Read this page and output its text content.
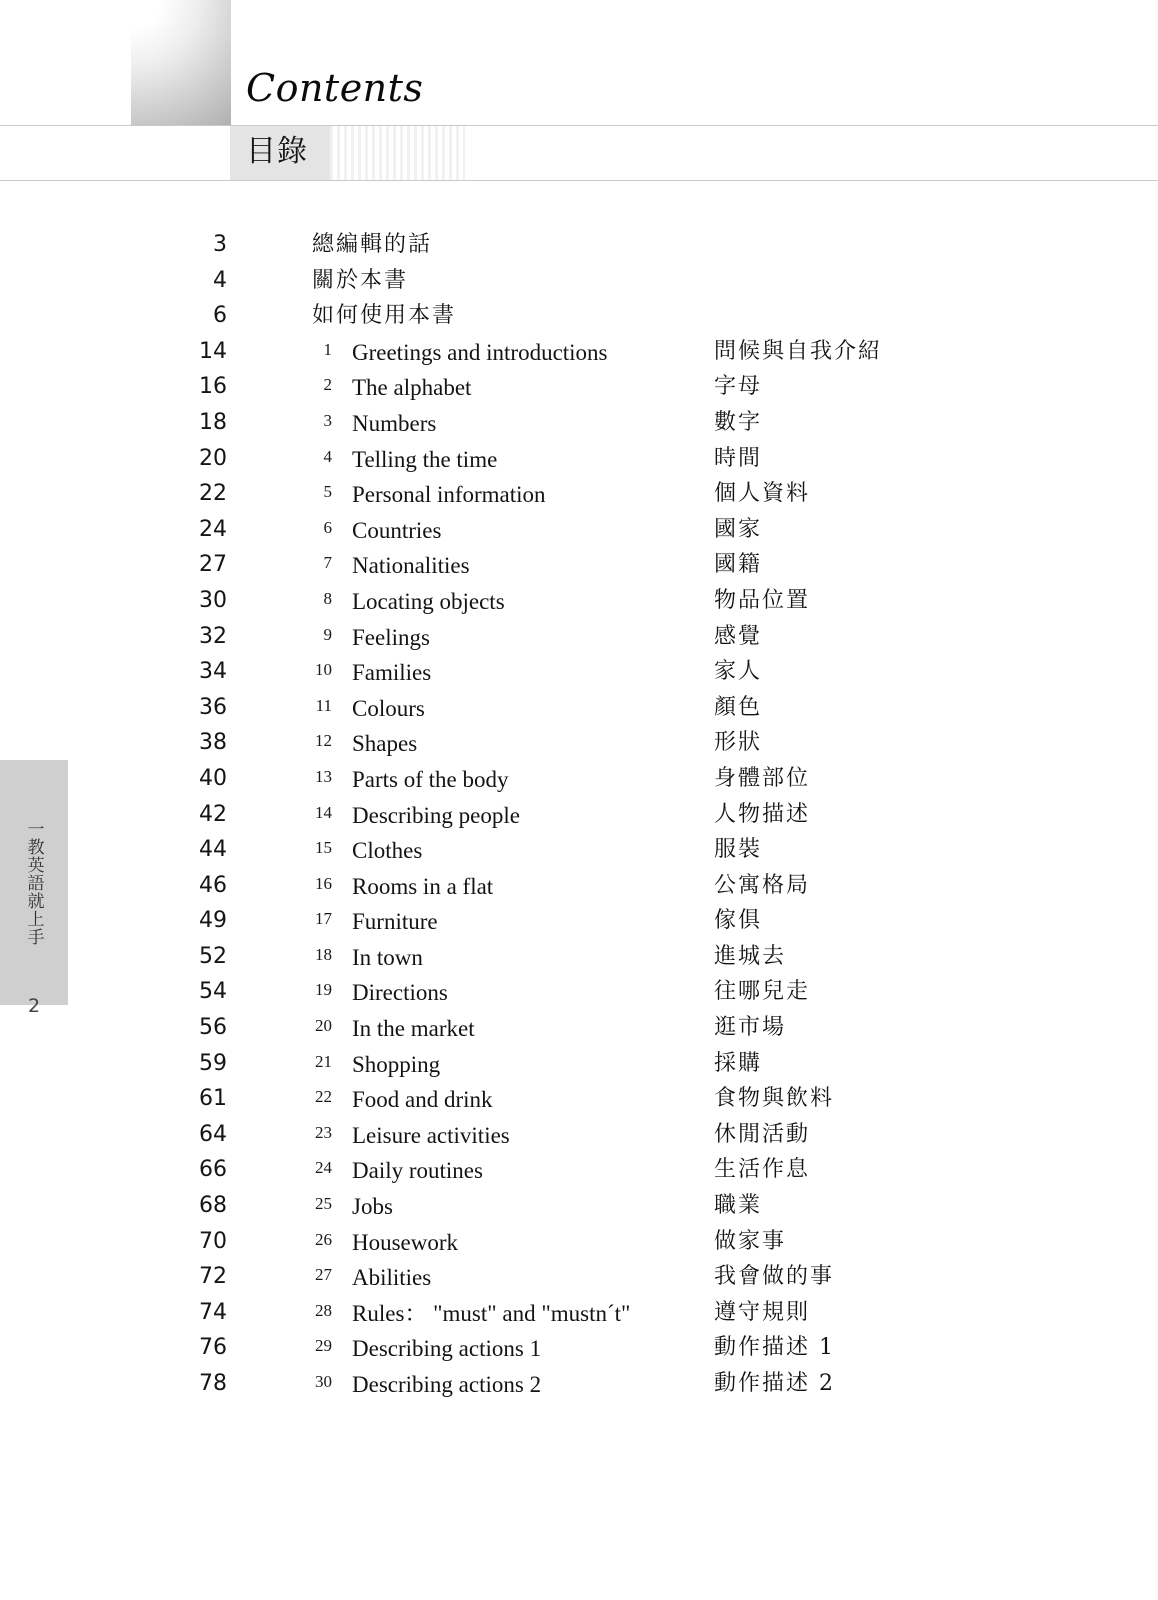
Contents
目錄
一教英語就上手
2
3	總編輯的話
4	關於本書
6	如何使用本書
14	1 Greetings and introductions	問候與自我介紹
16	2 The alphabet	字母
18	3 Numbers	數字
20	4 Telling the time	時間
22	5 Personal information	個人資料
24	6 Countries	國家
27	7 Nationalities	國籍
30	8 Locating objects	物品位置
32	9 Feelings	感覺
34	10 Families	家人
36	11 Colours	顏色
38	12 Shapes	形狀
40	13 Parts of the body	身體部位
42	14 Describing people	人物描述
44	15 Clothes	服裝
46	16 Rooms in a flat	公寓格局
49	17 Furniture	傢俱
52	18 In town	進城去
54	19 Directions	往哪兒走
56	20 In the market	逛市場
59	21 Shopping	採購
61	22 Food and drink	食物與飲料
64	23 Leisure activities	休閒活動
66	24 Daily routines	生活作息
68	25 Jobs	職業
70	26 Housework	做家事
72	27 Abilities	我會做的事
74	28 Rules： "must" and "mustn´t"	遵守規則
76	29 Describing actions 1	動作描述 1
78	30 Describing actions 2	動作描述 2
